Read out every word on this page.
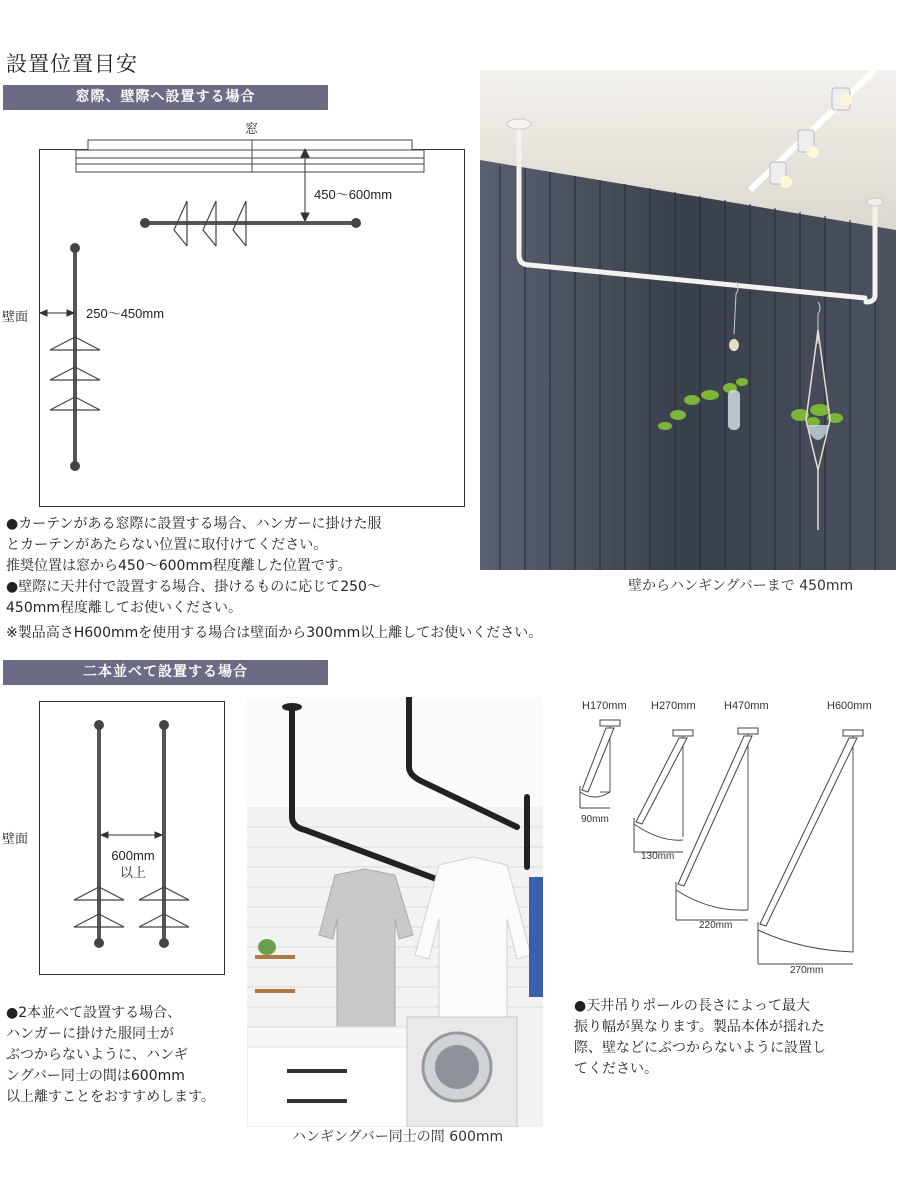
設置位置目安
窓際、壁際へ設置する場合
窓
450〜600mm
壁面	250〜450mm
●カーテンがある窓際に設置する場合、ハンガーに掛けた服
とカーテンがあたらない位置に取付けてください。
推奨位置は窓から450〜600mm程度離した位置です。
●壁際に天井付で設置する場合、掛けるものに応じて250〜
450mm程度離してお使いください。
※製品高さH600mmを使用する場合は壁面から300mm以上離してお使いください。
壁からハンギングバーまで 450mm
二本並べて設置する場合
壁面
600mm
以上
●2本並べて設置する場合、
ハンガーに掛けた服同士が
ぶつからないように、ハンギ
ングバー同士の間は600mm
以上離すことをおすすめします。
ハンギングバー同士の間 600mm
H170mm H270mm	H470mm	H600mm
90mm
130mm
220mm
270mm
●天井吊りポールの長さによって最大
振り幅が異なります。製品本体が揺れた
際、壁などにぶつからないように設置し
てください。
